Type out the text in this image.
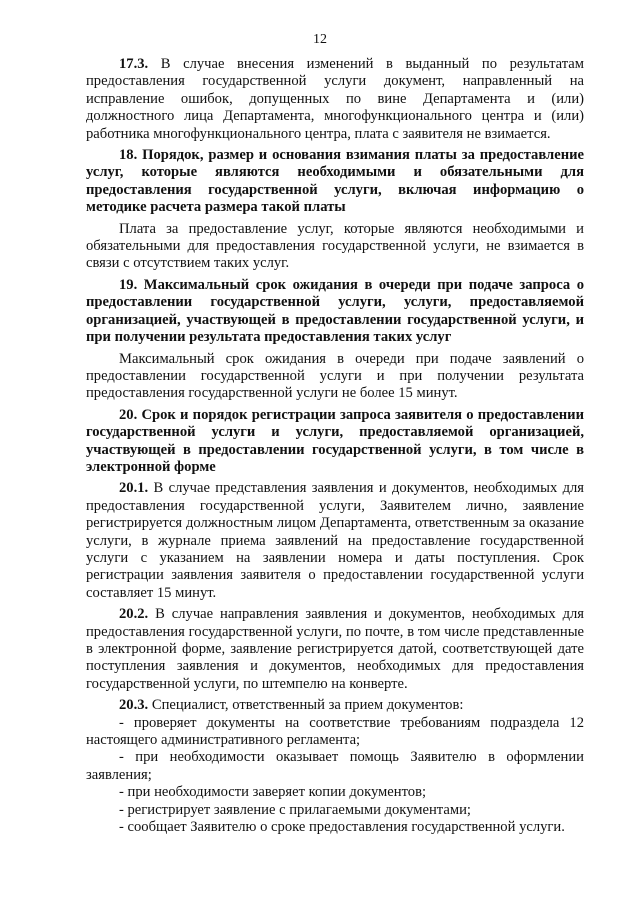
12

17.3. В случае внесения изменений в выданный по результатам предоставления государственной услуги документ, направленный на исправление ошибок, допущенных по вине Департамента и (или) должностного лица Департамента, многофункционального центра и (или) работника многофункционального центра, плата с заявителя не взимается.

18. Порядок, размер и основания взимания платы за предоставление услуг, которые являются необходимыми и обязательными для предоставления государственной услуги, включая информацию о методике расчета размера такой платы

Плата за предоставление услуг, которые являются необходимыми и обязательными для предоставления государственной услуги, не взимается в связи с отсутствием таких услуг.

19. Максимальный срок ожидания в очереди при подаче запроса о предоставлении государственной услуги, услуги, предоставляемой организацией, участвующей в предоставлении государственной услуги, и при получении результата предоставления таких услуг

Максимальный срок ожидания в очереди при подаче заявлений о предоставлении государственной услуги и при получении результата предоставления государственной услуги не более 15 минут.

20. Срок и порядок регистрации запроса заявителя о предоставлении государственной услуги и услуги, предоставляемой организацией, участвующей в предоставлении государственной услуги, в том числе в электронной форме

20.1. В случае представления заявления и документов, необходимых для предоставления государственной услуги, Заявителем лично, заявление регистрируется должностным лицом Департамента, ответственным за оказание услуги, в журнале приема заявлений на предоставление государственной услуги с указанием на заявлении номера и даты поступления. Срок регистрации заявления заявителя о предоставлении государственной услуги составляет 15 минут.

20.2. В случае направления заявления и документов, необходимых для предоставления государственной услуги, по почте, в том числе представленные в электронной форме, заявление регистрируется датой, соответствующей дате поступления заявления и документов, необходимых для предоставления государственной услуги, по штемпелю на конверте.

20.3. Специалист, ответственный за прием документов:

- проверяет документы на соответствие требованиям подраздела 12 настоящего административного регламента;

- при необходимости оказывает помощь Заявителю в оформлении заявления;

- при необходимости заверяет копии документов;

- регистрирует заявление с прилагаемыми документами;

- сообщает Заявителю о сроке предоставления государственной услуги.
